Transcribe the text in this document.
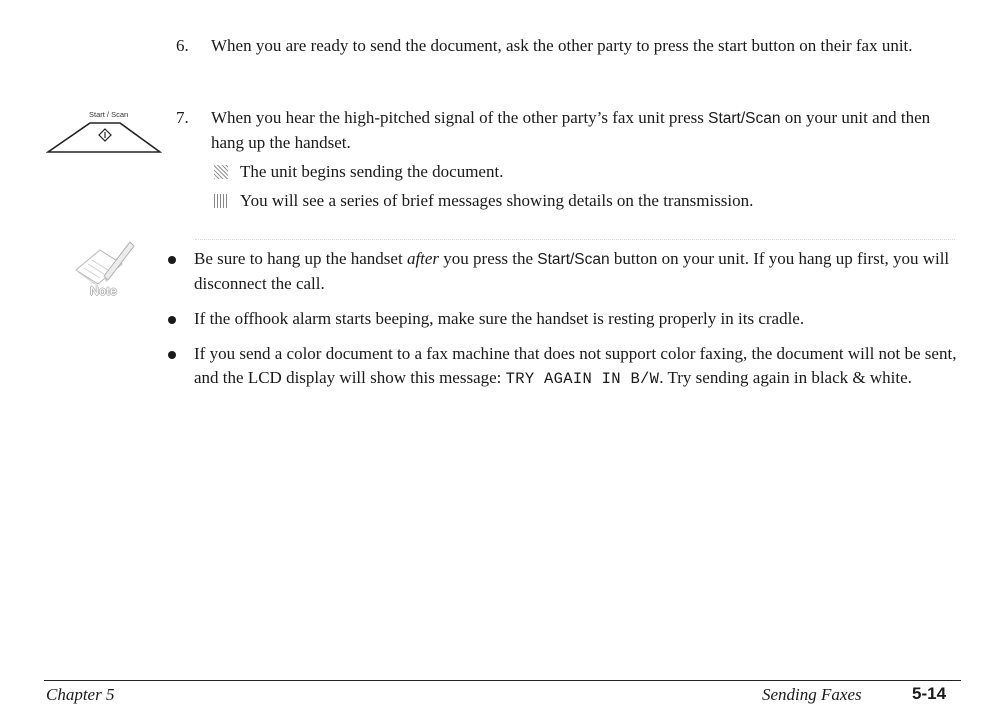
6.	When you are ready to send the document, ask the other party to press the start button on their fax unit.
Start / Scan	7.	When you hear the high-pitched signal of the other party’s fax unit press Start/Scan on your unit and then hang up the handset.
The unit begins sending the document.
You will see a series of brief messages showing details on the transmission.
Note
Be sure to hang up the handset after you press the Start/Scan button on your unit. If you hang up first, you will disconnect the call.
If the offhook alarm starts beeping, make sure the handset is resting properly in its cradle.
If you send a color document to a fax machine that does not support color faxing, the document will not be sent, and the LCD display will show this message: TRY AGAIN IN B/W. Try sending again in black & white.
Chapter 5	Sending Faxes	5-14
